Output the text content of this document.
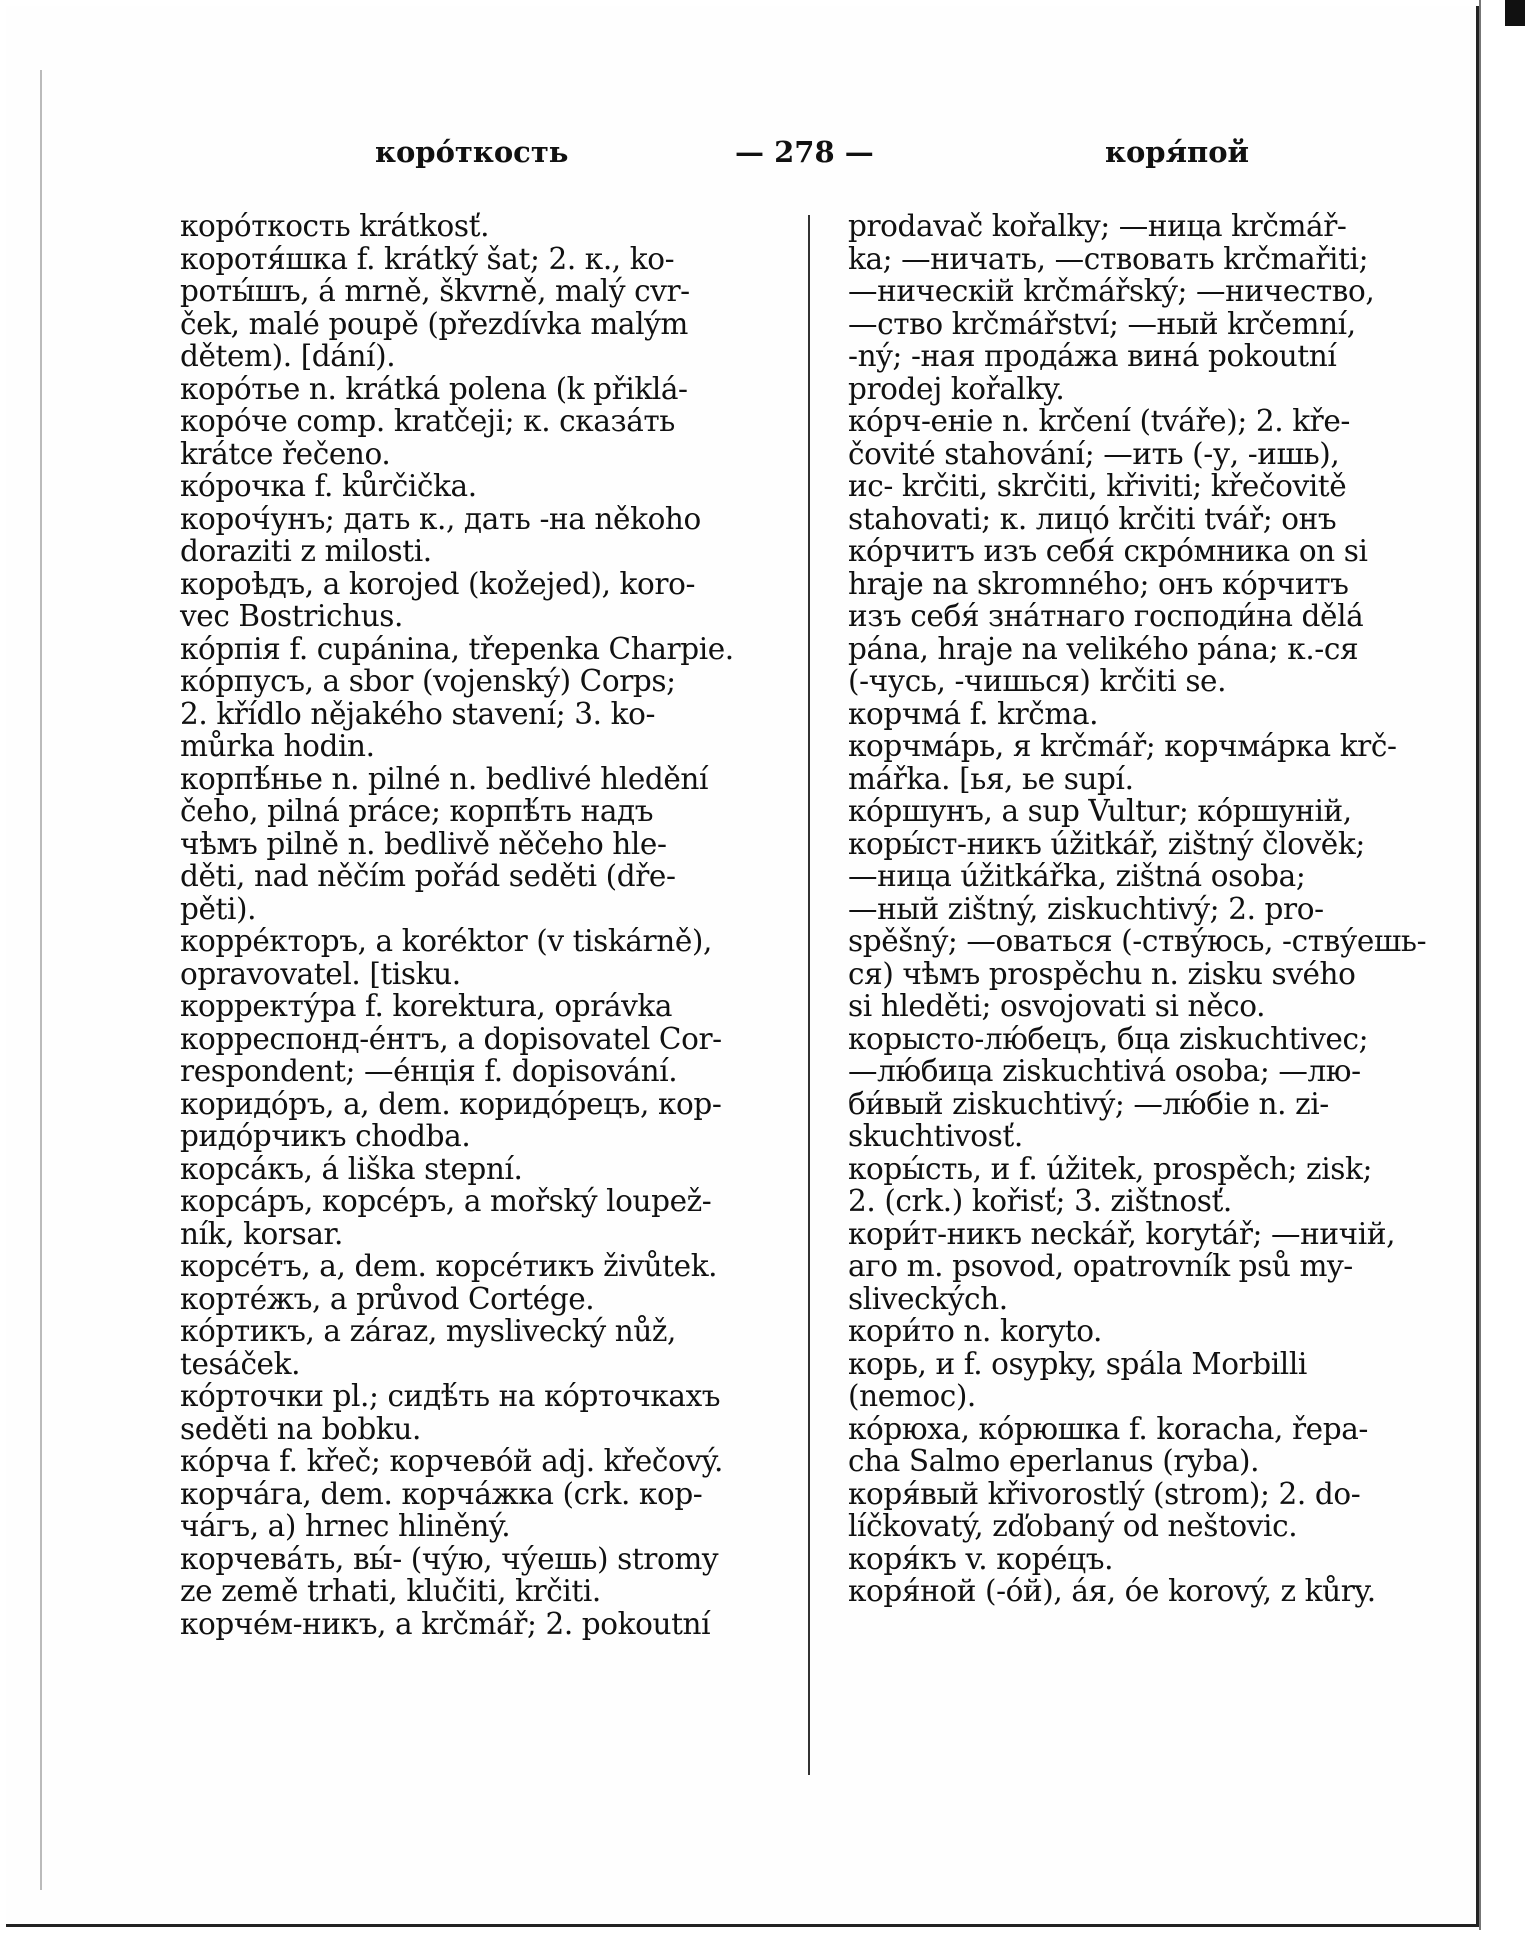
коро́ткость	— 278 —	коря́пой
коро́ткость krátkosť.
коротя́шка f. krátký šat; 2. к., ko-
роты́шъ, á mrně, škvrně, malý cvr-
ček, malé poupě (přezdívka malým
dětem). [dání).
коро́тье n. krátká polena (k přiklá-
коро́че comp. kratčeji; к. сказа́ть
krátce řečeno.
ко́рочка f. kůrčička.
короч́унъ; дать к., дать -на někoho
doraziti z milosti.
короѣдъ, a korojed (kožejed), koro-
vec Bostrichus.
ко́рпія f. cupánina, třepenka Charpie.
ко́рпусъ, a sbor (vojenský) Corps;
2. křídlo nějakého stavení; 3. ko-
můrka hodin.
корпѣ́нье n. pilné n. bedlivé hledění
čeho, pilná práce; корпѣ́ть надъ
чѣмъ pilně n. bedlivě něčeho hle-
děti, nad něčím pořád seděti (dře-
pěti).
корре́кторъ, a koréktor (v tiskárně),
opravovatel. [tisku.
корректу́ра f. korektura, oprávka
корреспонд-е́нтъ, a dopisovatel Cor-
respondent; —е́нція f. dopisování.
коридо́ръ, a, dem. коридо́рецъ, кор-
ридо́рчикъ chodba.
корса́къ, á liška stepní.
корса́ръ, корсе́ръ, a mořský loupež-
ník, korsar.
корсе́тъ, a, dem. корсе́тикъ živůtek.
корте́жъ, a průvod Cortége.
ко́ртикъ, a záraz, myslivecký nůž,
tesáček.
ко́рточки pl.; сидѣ́ть на ко́рточкахъ
seděti na bobku.
ко́рча f. křeč; корчево́й adj. křečový.
корча́га, dem. корча́жка (crk. кор-
ча́гъ, a) hrnec hliněný.
корчева́ть, вы́- (чу́ю, чу́ешь) stromy
ze země trhati, klučiti, krčiti.
корче́м-никъ, a krčmář; 2. pokoutní
prodavač kořalky; —ница krčmář-
ka; —ничать, —ствовать krčmařiti;
—ническій krčmářský; —ничество,
—ство krčmářství; —ный krčemní,
-ný; -ная прода́жа вина́ pokoutní
prodej kořalky.
ко́рч-еніе n. krčení (tváře); 2. kře-
čovité stahování; —ить (-у, -ишь),
ис- krčiti, skrčiti, křiviti; křečovitě
stahovati; к. лицо́ krčiti tvář; онъ
ко́рчитъ изъ себя́ скро́мника on si
hraje na skromného; онъ ко́рчитъ
изъ себя́ зна́тнаго господи́на dělá
pána, hraje na velikého pána; к.-ся
(-чусь, -чишься) krčiti se.
корчма́ f. krčma.
корчма́рь, я krčmář; корчма́рка krč-
mářka. [ья, ье supí.
ко́ршунъ, a sup Vultur; ко́ршуній,
коры́ст-никъ úžitkář, zištný člověk;
—ница úžitkářka, zištná osoba;
—ный zištný, ziskuchtivý; 2. pro-
spěšný; —оваться (-ству́юсь, -ству́ешь-
ся) чѣмъ prospěchu n. zisku svého
si hleděti; osvojovati si něco.
корысто-лю́бецъ, бца ziskuchtivec;
—лю́бица ziskuchtivá osoba; —лю-
би́вый ziskuchtivý; —лю́біе n. zi-
skuchtivosť.
коры́сть, и f. úžitek, prospěch; zisk;
2. (crk.) kořisť; 3. zištnosť.
кори́т-никъ neckář, korytář; —ничій,
аго m. psovod, opatrovník psů my-
sliveckých.
кори́то n. koryto.
корь, и f. osypky, spála Morbilli
(nemoc).
ко́рюха, ко́рюшка f. koracha, řepa-
cha Salmo eperlanus (ryba).
коря́вый křivorostlý (strom); 2. do-
líčkovatý, zďobaný od neštovic.
коря́къ v. коре́цъ.
коря́ной (-о́й), áя, óe korový, z kůry.
